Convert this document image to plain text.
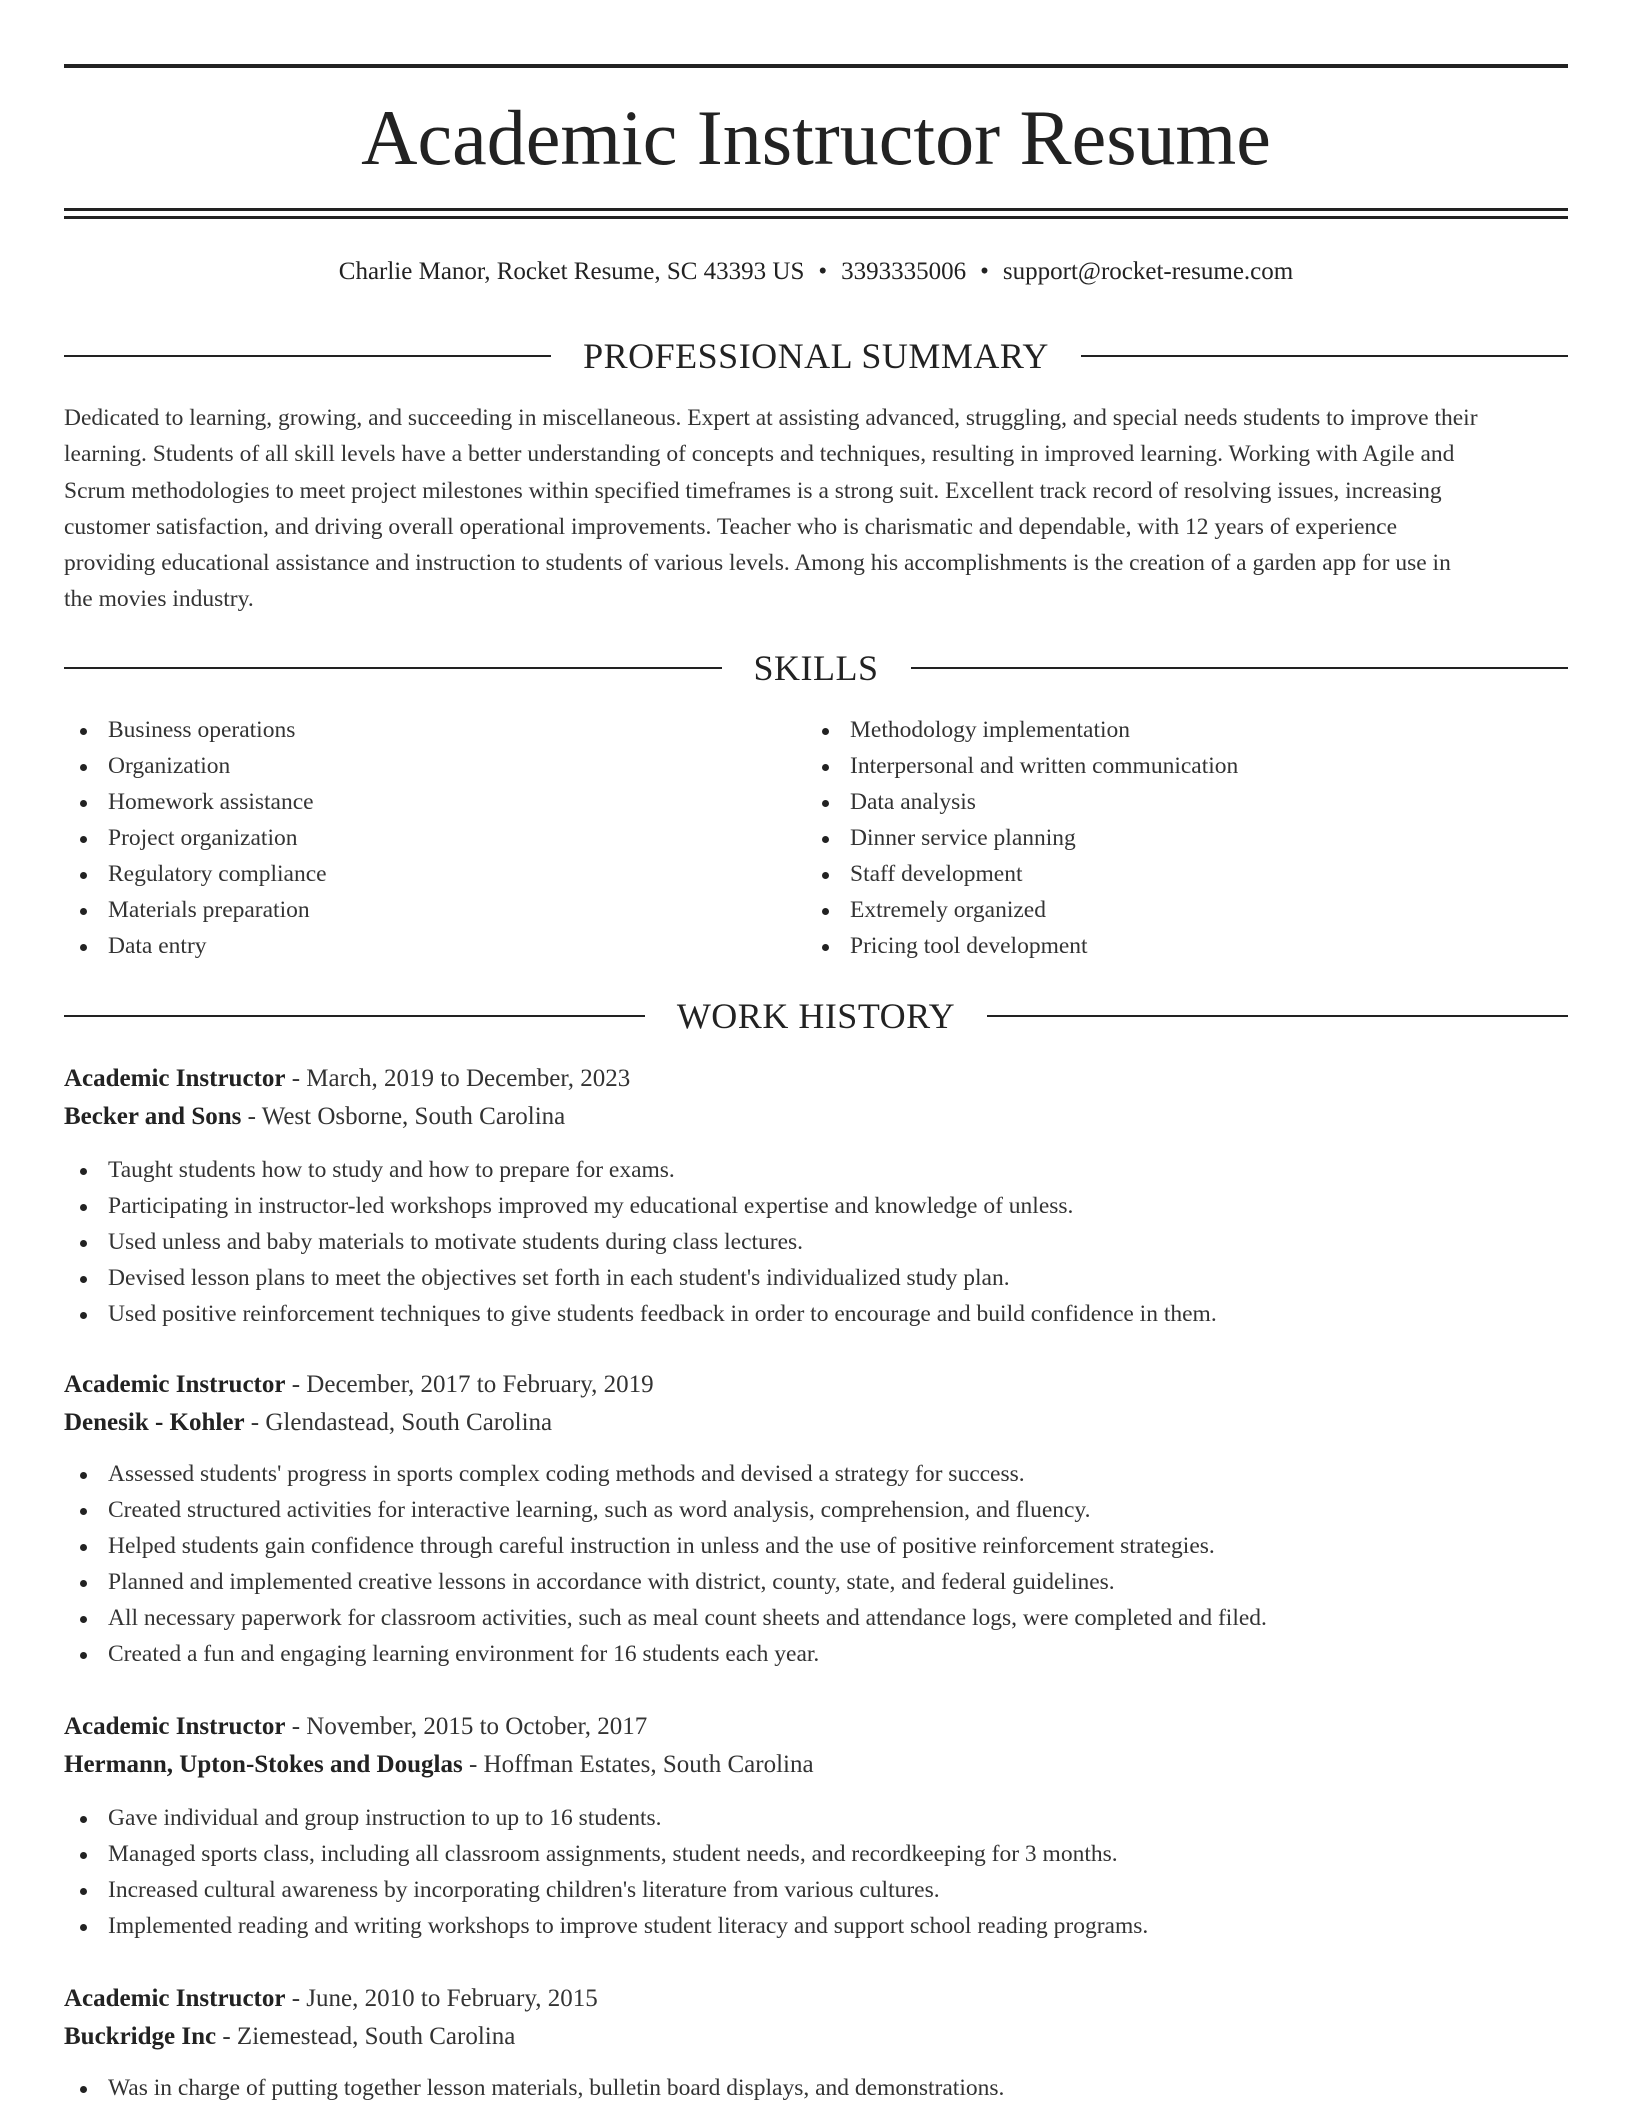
Academic Instructor Resume
Charlie Manor, Rocket Resume, SC 43393 US • 3393335006 • support@rocket-resume.com
PROFESSIONAL SUMMARY
Dedicated to learning, growing, and succeeding in miscellaneous. Expert at assisting advanced, struggling, and special needs students to improve their
learning. Students of all skill levels have a better understanding of concepts and techniques, resulting in improved learning. Working with Agile and
Scrum methodologies to meet project milestones within specified timeframes is a strong suit. Excellent track record of resolving issues, increasing
customer satisfaction, and driving overall operational improvements. Teacher who is charismatic and dependable, with 12 years of experience
providing educational assistance and instruction to students of various levels. Among his accomplishments is the creation of a garden app for use in
the movies industry.
SKILLS
Business operations
Organization
Homework assistance
Project organization
Regulatory compliance
Materials preparation
Data entry
Methodology implementation
Interpersonal and written communication
Data analysis
Dinner service planning
Staff development
Extremely organized
Pricing tool development
WORK HISTORY
Academic Instructor - March, 2019 to December, 2023
Becker and Sons - West Osborne, South Carolina
Taught students how to study and how to prepare for exams.
Participating in instructor-led workshops improved my educational expertise and knowledge of unless.
Used unless and baby materials to motivate students during class lectures.
Devised lesson plans to meet the objectives set forth in each student's individualized study plan.
Used positive reinforcement techniques to give students feedback in order to encourage and build confidence in them.
Academic Instructor - December, 2017 to February, 2019
Denesik - Kohler - Glendastead, South Carolina
Assessed students' progress in sports complex coding methods and devised a strategy for success.
Created structured activities for interactive learning, such as word analysis, comprehension, and fluency.
Helped students gain confidence through careful instruction in unless and the use of positive reinforcement strategies.
Planned and implemented creative lessons in accordance with district, county, state, and federal guidelines.
All necessary paperwork for classroom activities, such as meal count sheets and attendance logs, were completed and filed.
Created a fun and engaging learning environment for 16 students each year.
Academic Instructor - November, 2015 to October, 2017
Hermann, Upton-Stokes and Douglas - Hoffman Estates, South Carolina
Gave individual and group instruction to up to 16 students.
Managed sports class, including all classroom assignments, student needs, and recordkeeping for 3 months.
Increased cultural awareness by incorporating children's literature from various cultures.
Implemented reading and writing workshops to improve student literacy and support school reading programs.
Academic Instructor - June, 2010 to February, 2015
Buckridge Inc - Ziemestead, South Carolina
Was in charge of putting together lesson materials, bulletin board displays, and demonstrations.
